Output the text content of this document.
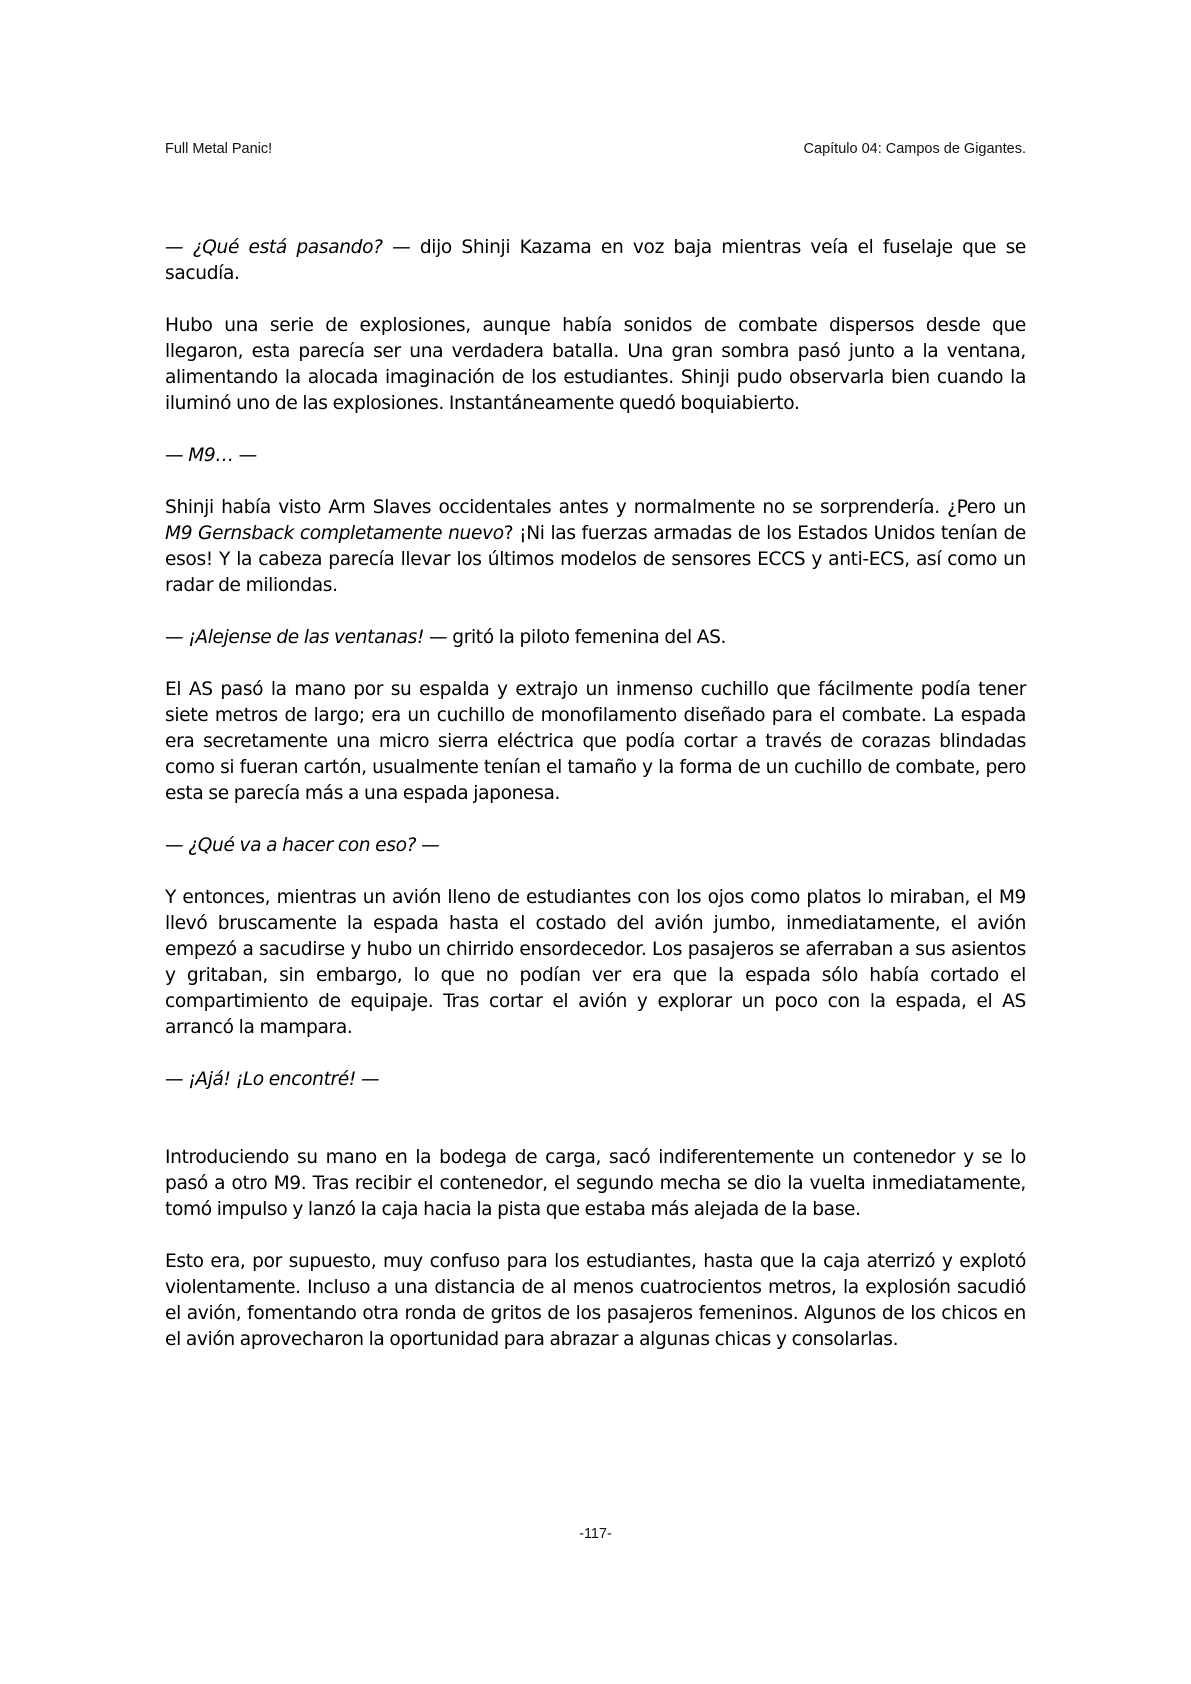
Full Metal Panic!	Capítulo 04: Campos de Gigantes.

— ¿Qué está pasando? — dijo Shinji Kazama en voz baja mientras veía el fuselaje que se sacudía.

Hubo una serie de explosiones, aunque había sonidos de combate dispersos desde que llegaron, esta parecía ser una verdadera batalla. Una gran sombra pasó junto a la ventana, alimentando la alocada imaginación de los estudiantes. Shinji pudo observarla bien cuando la iluminó uno de las explosiones. Instantáneamente quedó boquiabierto.

— M9… —

Shinji había visto Arm Slaves occidentales antes y normalmente no se sorprendería. ¿Pero un M9 Gernsback completamente nuevo? ¡Ni las fuerzas armadas de los Estados Unidos tenían de esos! Y la cabeza parecía llevar los últimos modelos de sensores ECCS y anti-ECS, así como un radar de miliondas.

— ¡Alejense de las ventanas! — gritó la piloto femenina del AS.

El AS pasó la mano por su espalda y extrajo un inmenso cuchillo que fácilmente podía tener siete metros de largo; era un cuchillo de monofilamento diseñado para el combate. La espada era secretamente una micro sierra eléctrica que podía cortar a través de corazas blindadas como si fueran cartón, usualmente tenían el tamaño y la forma de un cuchillo de combate, pero esta se parecía más a una espada japonesa.

— ¿Qué va a hacer con eso? —

Y entonces, mientras un avión lleno de estudiantes con los ojos como platos lo miraban, el M9 llevó bruscamente la espada hasta el costado del avión jumbo, inmediatamente, el avión empezó a sacudirse y hubo un chirrido ensordecedor. Los pasajeros se aferraban a sus asientos y gritaban, sin embargo, lo que no podían ver era que la espada sólo había cortado el compartimiento de equipaje. Tras cortar el avión y explorar un poco con la espada, el AS arrancó la mampara.

— ¡Ajá! ¡Lo encontré! —

Introduciendo su mano en la bodega de carga, sacó indiferentemente un contenedor y se lo pasó a otro M9. Tras recibir el contenedor, el segundo mecha se dio la vuelta inmediatamente, tomó impulso y lanzó la caja hacia la pista que estaba más alejada de la base.

Esto era, por supuesto, muy confuso para los estudiantes, hasta que la caja aterrizó y explotó violentamente. Incluso a una distancia de al menos cuatrocientos metros, la explosión sacudió el avión, fomentando otra ronda de gritos de los pasajeros femeninos. Algunos de los chicos en el avión aprovecharon la oportunidad para abrazar a algunas chicas y consolarlas.

-117-
